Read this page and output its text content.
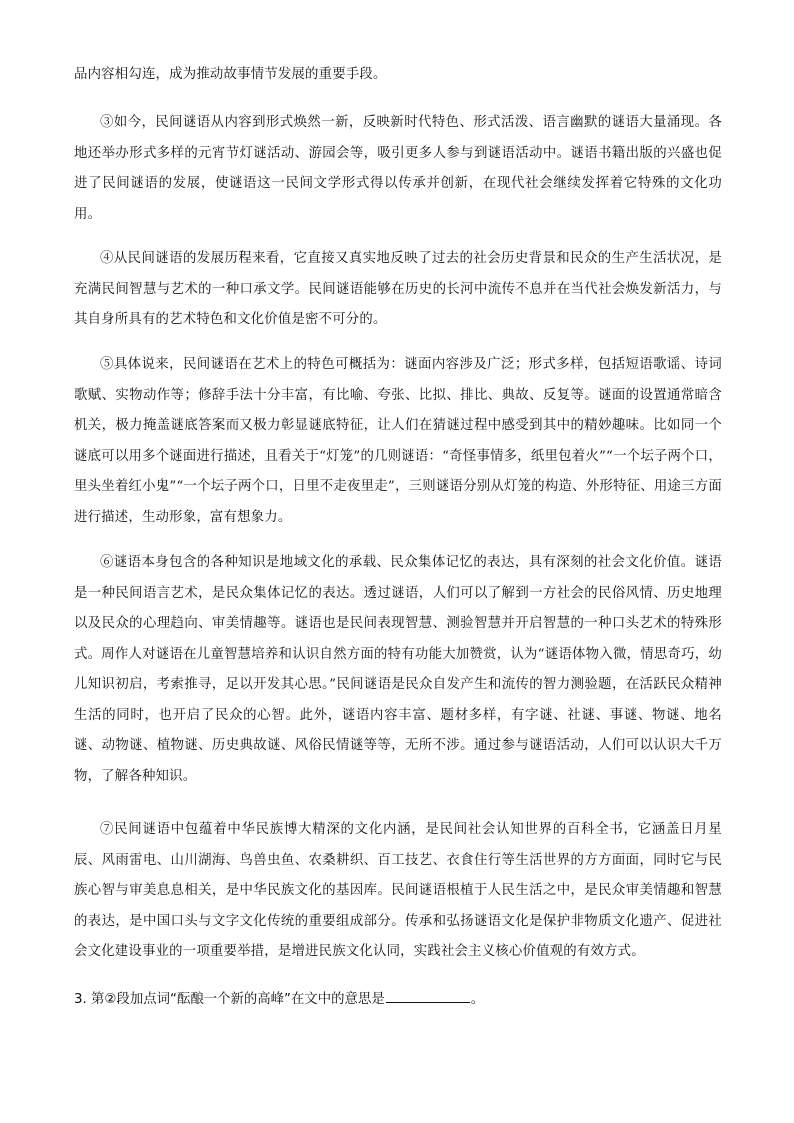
品内容相勾连，成为推动故事情节发展的重要手段。

③如今，民间谜语从内容到形式焕然一新，反映新时代特色、形式活泼、语言幽默的谜语大量涌现。各地还举办形式多样的元宵节灯谜活动、游园会等，吸引更多人参与到谜语活动中。谜语书籍出版的兴盛也促进了民间谜语的发展，使谜语这一民间文学形式得以传承并创新，在现代社会继续发挥着它特殊的文化功用。

④从民间谜语的发展历程来看，它直接又真实地反映了过去的社会历史背景和民众的生产生活状况，是充满民间智慧与艺术的一种口承文学。民间谜语能够在历史的长河中流传不息并在当代社会焕发新活力，与其自身所具有的艺术特色和文化价值是密不可分的。

⑤具体说来，民间谜语在艺术上的特色可概括为：谜面内容涉及广泛；形式多样，包括短语歌谣、诗词歌赋、实物动作等；修辞手法十分丰富，有比喻、夸张、比拟、排比、典故、反复等。谜面的设置通常暗含机关，极力掩盖谜底答案而又极力彰显谜底特征，让人们在猜谜过程中感受到其中的精妙趣味。比如同一个谜底可以用多个谜面进行描述，且看关于“灯笼”的几则谜语：“奇怪事情多，纸里包着火”“一个坛子两个口，里头坐着红小鬼”“一个坛子两个口，日里不走夜里走”，三则谜语分别从灯笼的构造、外形特征、用途三方面进行描述，生动形象，富有想象力。

⑥谜语本身包含的各种知识是地域文化的承载、民众集体记忆的表达，具有深刻的社会文化价值。谜语是一种民间语言艺术，是民众集体记忆的表达。透过谜语，人们可以了解到一方社会的民俗风情、历史地理以及民众的心理趋向、审美情趣等。谜语也是民间表现智慧、测验智慧并开启智慧的一种口头艺术的特殊形式。周作人对谜语在儿童智慧培养和认识自然方面的特有功能大加赞赏，认为“谜语体物入微，情思奇巧，幼儿知识初启，考索推寻，足以开发其心思。”民间谜语是民众自发产生和流传的智力测验题，在活跃民众精神生活的同时，也开启了民众的心智。此外，谜语内容丰富、题材多样，有字谜、社谜、事谜、物谜、地名谜、动物谜、植物谜、历史典故谜、风俗民情谜等等，无所不涉。通过参与谜语活动，人们可以认识大千万物，了解各种知识。

⑦民间谜语中包蕴着中华民族博大精深的文化内涵，是民间社会认知世界的百科全书，它涵盖日月星辰、风雨雷电、山川湖海、鸟兽虫鱼、农桑耕织、百工技艺、衣食住行等生活世界的方方面面，同时它与民族心智与审美息息相关，是中华民族文化的基因库。民间谜语根植于人民生活之中，是民众审美情趣和智慧的表达，是中国口头与文字文化传统的重要组成部分。传承和弘扬谜语文化是保护非物质文化遗产、促进社会文化建设事业的一项重要举措，是增进民族文化认同，实践社会主义核心价值观的有效方式。

3. 第②段加点词“酝酿一个新的高峰”在文中的意思是	。
